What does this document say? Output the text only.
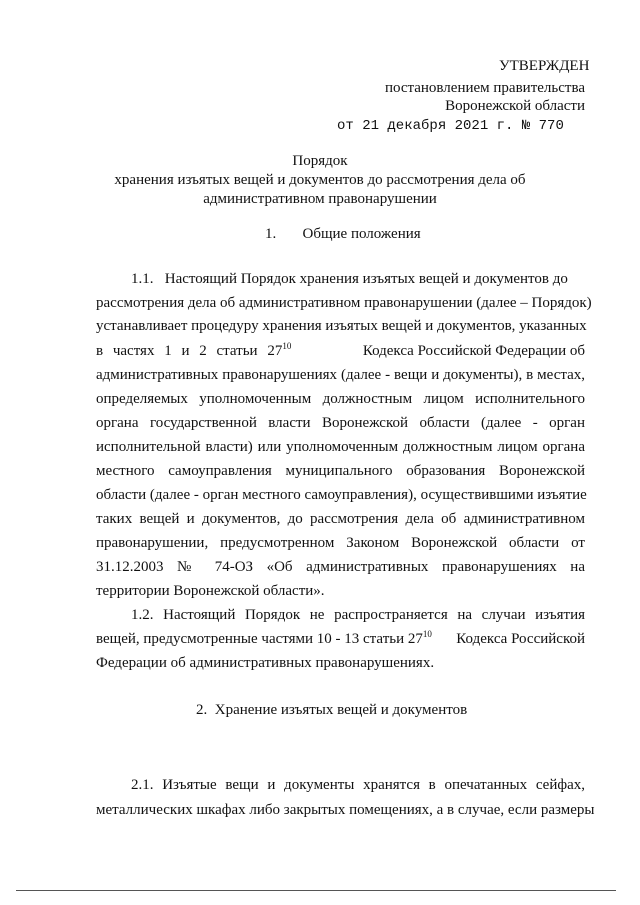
УТВЕРЖДЕН
постановлением правительства
Воронежской области
от 21 декабря 2021 г. № 770
Порядок
хранения изъятых вещей и документов до рассмотрения дела об
административном правонарушении
1.       Общие положения
1.1.   Настоящий Порядок хранения изъятых вещей и документов до
рассмотрения дела об административном правонарушении (далее – Порядок)
устанавливает процедуру хранения изъятых вещей и документов, указанных
в частях 1 и 2 статьи $27^{10}$	Кодекса Российской Федерации об
административных правонарушениях (далее - вещи и документы), в местах,
определяемых уполномоченным должностным лицом исполнительного
органа государственной власти Воронежской области (далее - орган
исполнительной власти) или уполномоченным должностным лицом органа
местного самоуправления муниципального образования Воронежской
области (далее - орган местного самоуправления), осуществившими изъятие
таких вещей и документов, до рассмотрения дела об административном
правонарушении, предусмотренном Законом Воронежской области от
31.12.2003 № 74-ОЗ «Об административных правонарушениях на
территории Воронежской области».
1.2. Настоящий Порядок не распространяется на случаи изъятия
вещей, предусмотренные частями 10 - 13 статьи $27^{10}$ Кодекса Российской
Федерации об административных правонарушениях.
2.  Хранение изъятых вещей и документов
2.1. Изъятые вещи и документы хранятся в опечатанных сейфах,
металлических шкафах либо закрытых помещениях, а в случае, если размеры
